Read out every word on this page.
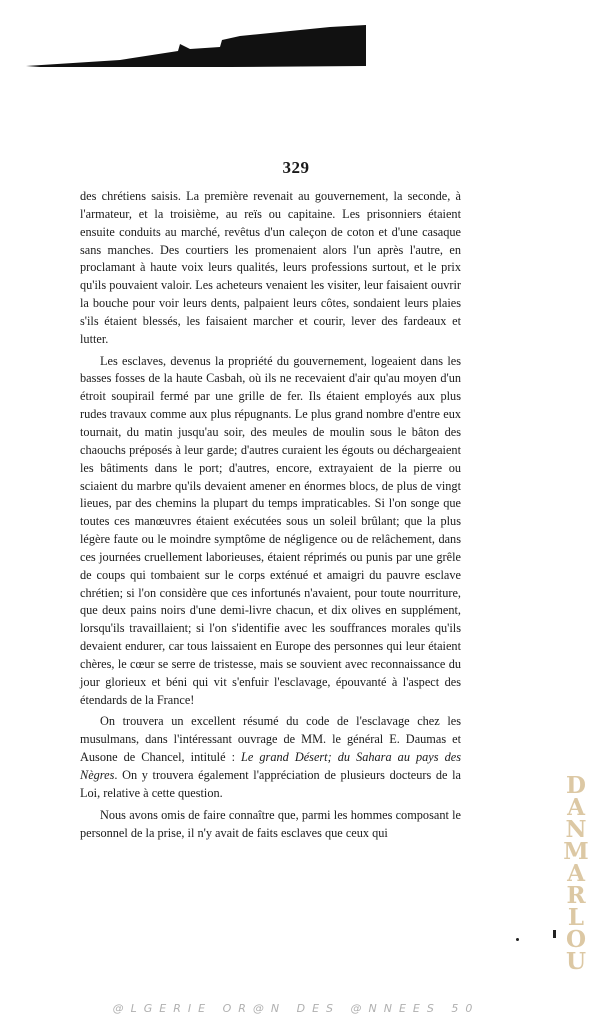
329

des chrétiens saisis. La première revenait au gouvernement, la seconde, à l'armateur, et la troisième, au reïs ou capitaine. Les prisonniers étaient ensuite conduits au marché, revêtus d'un caleçon de coton et d'une casaque sans manches. Des courtiers les promenaient alors l'un après l'autre, en proclamant à haute voix leurs qualités, leurs professions surtout, et le prix qu'ils pouvaient valoir. Les acheteurs venaient les visiter, leur faisaient ouvrir la bouche pour voir leurs dents, palpaient leurs côtes, sondaient leurs plaies s'ils étaient blessés, les faisaient marcher et courir, lever des fardeaux et lutter.

Les esclaves, devenus la propriété du gouvernement, logeaient dans les basses fosses de la haute Casbah, où ils ne recevaient d'air qu'au moyen d'un étroit soupirail fermé par une grille de fer. Ils étaient employés aux plus rudes travaux comme aux plus répugnants. Le plus grand nombre d'entre eux tournait, du matin jusqu'au soir, des meules de moulin sous le bâton des chaouchs préposés à leur garde; d'autres curaient les égouts ou déchargeaient les bâtiments dans le port; d'autres, encore, extrayaient de la pierre ou sciaient du marbre qu'ils devaient amener en énormes blocs, de plus de vingt lieues, par des chemins la plupart du temps impraticables. Si l'on songe que toutes ces manœuvres étaient exécutées sous un soleil brûlant; que la plus légère faute ou le moindre symptôme de négligence ou de relâchement, dans ces journées cruellement laborieuses, étaient réprimés ou punis par une grêle de coups qui tombaient sur le corps exténué et amaigri du pauvre esclave chrétien; si l'on considère que ces infortunés n'avaient, pour toute nourriture, que deux pains noirs d'une demi-livre chacun, et dix olives en supplément, lorsqu'ils travaillaient; si l'on s'identifie avec les souffrances morales qu'ils devaient endurer, car tous laissaient en Europe des personnes qui leur étaient chères, le cœur se serre de tristesse, mais se souvient avec reconnaissance du jour glorieux et béni qui vit s'enfuir l'esclavage, épouvanté à l'aspect des étendards de la France!

On trouvera un excellent résumé du code de l'esclavage chez les musulmans, dans l'intéressant ouvrage de MM. le général E. Daumas et Ausone de Chancel, intitulé : Le grand Désert; du Sahara au pays des Nègres. On y trouvera également l'appréciation de plusieurs docteurs de la Loi, relative à cette question.

Nous avons omis de faire connaître que, parmi les hommes composant le personnel de la prise, il n'y avait de faits esclaves que ceux qui

D
A
N
M
A
R
L
O
U
@LGERIE OR@N DES @NNEES 50
